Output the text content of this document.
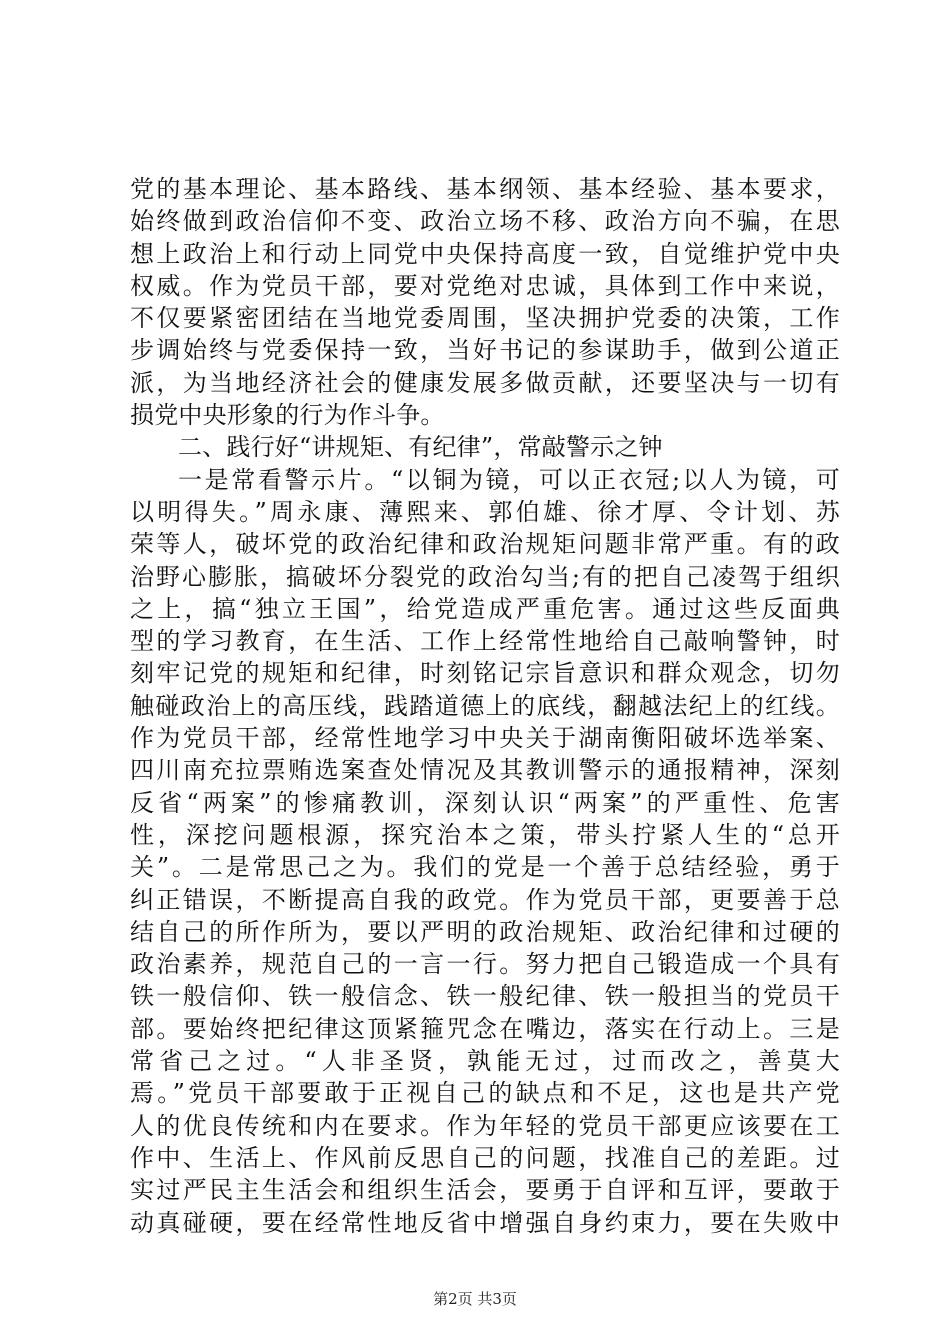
党的基本理论、基本路线、基本纲领、基本经验、基本要求，
始终做到政治信仰不变、政治立场不移、政治方向不骗，在思
想上政治上和行动上同党中央保持高度一致，自觉维护党中央
权威。作为党员干部，要对党绝对忠诚，具体到工作中来说，
不仅要紧密团结在当地党委周围，坚决拥护党委的决策，工作
步调始终与党委保持一致，当好书记的参谋助手，做到公道正
派，为当地经济社会的健康发展多做贡献，还要坚决与一切有
损党中央形象的行为作斗争。
二、践行好“讲规矩、有纪律”，常敲警示之钟
一是常看警示片。“以铜为镜，可以正衣冠;以人为镜，可
以明得失。”周永康、薄熙来、郭伯雄、徐才厚、令计划、苏
荣等人，破坏党的政治纪律和政治规矩问题非常严重。有的政
治野心膨胀，搞破坏分裂党的政治勾当;有的把自己凌驾于组织
之上，搞“独立王国”，给党造成严重危害。通过这些反面典
型的学习教育，在生活、工作上经常性地给自己敲响警钟，时
刻牢记党的规矩和纪律，时刻铭记宗旨意识和群众观念，切勿
触碰政治上的高压线，践踏道德上的底线，翻越法纪上的红线。
作为党员干部，经常性地学习中央关于湖南衡阳破坏选举案、
四川南充拉票贿选案查处情况及其教训警示的通报精神，深刻
反省“两案”的惨痛教训，深刻认识“两案”的严重性、危害
性，深挖问题根源，探究治本之策，带头拧紧人生的“总开
关”。二是常思己之为。我们的党是一个善于总结经验，勇于
纠正错误，不断提高自我的政党。作为党员干部，更要善于总
结自己的所作所为，要以严明的政治规矩、政治纪律和过硬的
政治素养，规范自己的一言一行。努力把自己锻造成一个具有
铁一般信仰、铁一般信念、铁一般纪律、铁一般担当的党员干
部。要始终把纪律这顶紧箍咒念在嘴边，落实在行动上。三是
常省己之过。“人非圣贤，孰能无过，过而改之，善莫大
焉。”党员干部要敢于正视自己的缺点和不足，这也是共产党
人的优良传统和内在要求。作为年轻的党员干部更应该要在工
作中、生活上、作风前反思自己的问题，找准自己的差距。过
实过严民主生活会和组织生活会，要勇于自评和互评，要敢于
动真碰硬，要在经常性地反省中增强自身约束力，要在失败中
第2页 共3页
